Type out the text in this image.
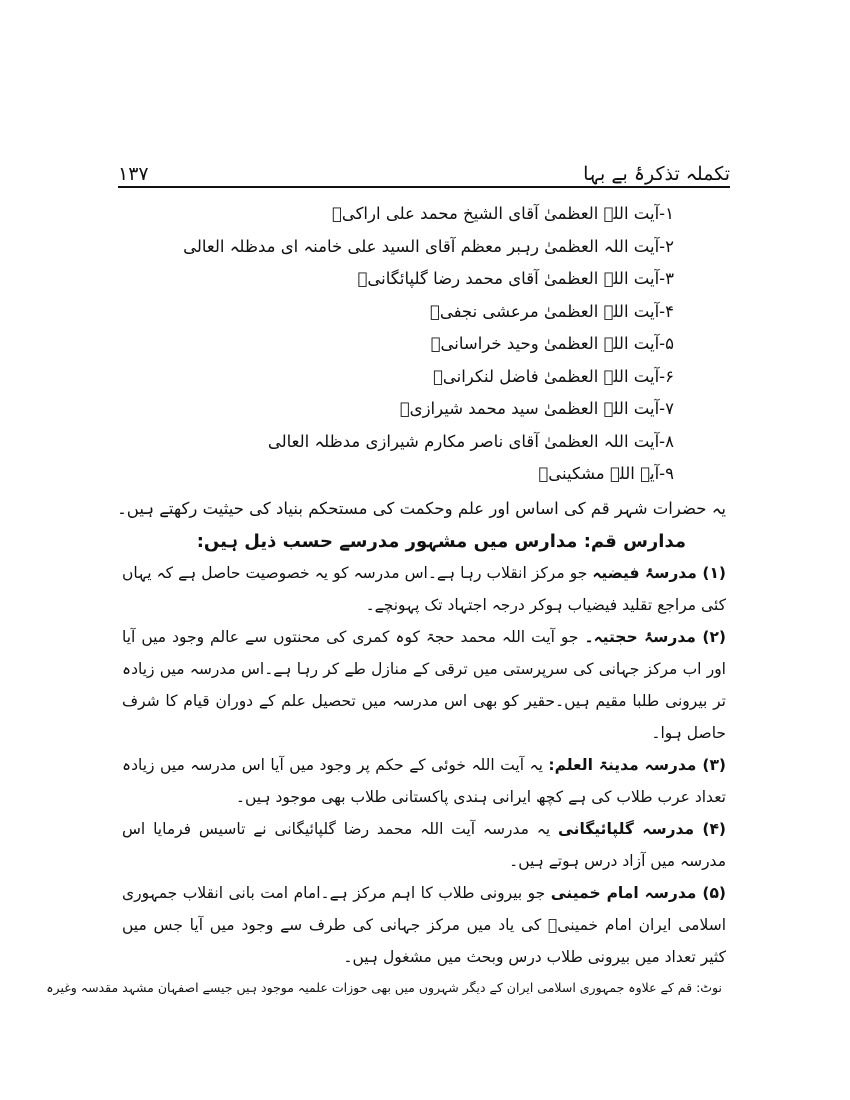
۱۳۷	تکملہ تذکرۂ بے بہا
۱-آیت اللہ العظمیٰ آقای الشیخ محمد علی اراکیؒ
۲-آیت اللہ العظمیٰ رہبر معظم آقای السید علی خامنہ ای مدظلہ العالی
۳-آیت اللہ العظمیٰ آقای محمد رضا گلپائگانیؒ
۴-آیت اللہ العظمیٰ مرعشی نجفیؒ
۵-آیت اللہ العظمیٰ وحید خراسانیؒ
۶-آیت اللہ العظمیٰ فاضل لنکرانیؒ
۷-آیت اللہ العظمیٰ سید محمد شیرازیؒ
۸-آیت اللہ العظمیٰ آقای ناصر مکارم شیرازی مدظلہ العالی
۹-آیۃ اللہ مشکینیؒ
یہ حضرات شہر قم کی اساس اور علم وحکمت کی مستحکم بنیاد کی حیثیت رکھتے ہیں۔
مدارس قم: مدارس میں مشہور مدرسے حسب ذیل ہیں:

(۱) مدرسۂ فیضیہ جو مرکز انقلاب رہا ہے۔اس مدرسہ کو یہ خصوصیت حاصل ہے کہ یہاں کئی مراجع تقلید فیضیاب ہوکر درجہ اجتہاد تک پہونچے۔

(۲) مدرسۂ حجتیہ۔ جو آیت اللہ محمد حجۃ کوہ کمری کی محنتوں سے عالم وجود میں آیا اور اب مرکز جہانی کی سرپرستی میں ترقی کے منازل طے کر رہا ہے۔اس مدرسہ میں زیادہ تر بیرونی طلبا مقیم ہیں۔حقیر کو بھی اس مدرسہ میں تحصیل علم کے دوران قیام کا شرف حاصل ہوا۔

(۳) مدرسہ مدینۃ العلم: یہ آیت اللہ خوئی کے حکم پر وجود میں آیا اس مدرسہ میں زیادہ تعداد عرب طلاب کی ہے کچھ ایرانی ہندی پاکستانی طلاب بھی موجود ہیں۔

(۴) مدرسہ گلپائیگانی یہ مدرسہ آیت اللہ محمد رضا گلپائیگانی نے تاسیس فرمایا اس مدرسہ میں آزاد درس ہوتے ہیں۔

(۵) مدرسہ امام خمینی جو بیرونی طلاب کا اہم مرکز ہے۔امام امت بانی انقلاب جمہوری اسلامی ایران امام خمینیؒ کی یاد میں مرکز جہانی کی طرف سے وجود میں آیا جس میں کثیر تعداد میں بیرونی طلاب درس وبحث میں مشغول ہیں۔

نوٹ: قم کے علاوہ جمہوری اسلامی ایران کے دیگر شہروں میں بھی حوزات علمیہ موجود ہیں جیسے اصفہان مشہد مقدسہ وغیرہ
